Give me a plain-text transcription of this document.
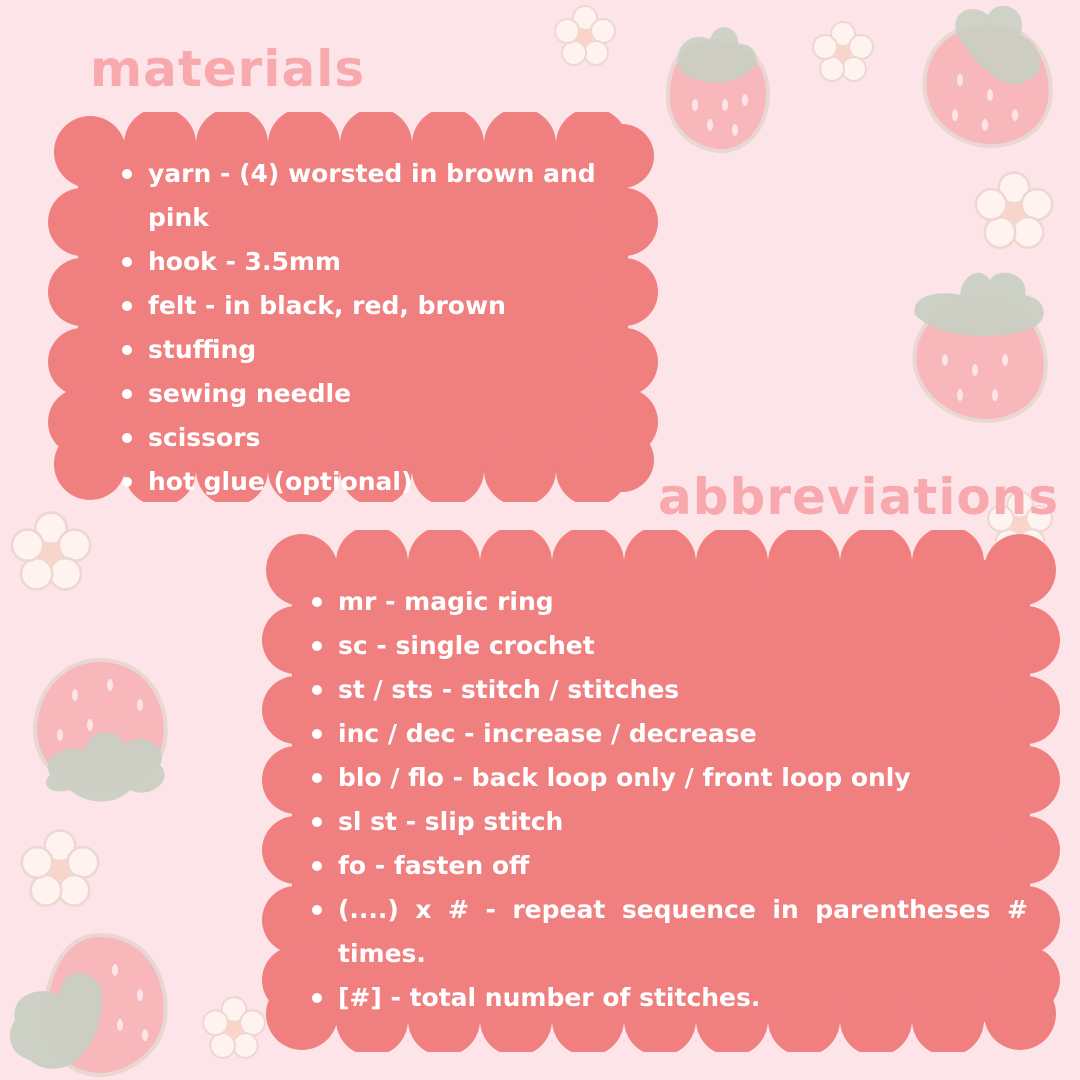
materials
abbreviations
yarn - (4) worsted in brown and pink
hook - 3.5mm
felt - in black, red, brown
stuffing
sewing needle
scissors
hot glue (optional)
mr - magic ring
sc - single crochet
st / sts - stitch / stitches
inc / dec - increase / decrease
blo / flo - back loop only / front loop only
sl st - slip stitch
fo - fasten off
(....) x # - repeat sequence in parentheses #
times.
[#] - total number of stitches.
